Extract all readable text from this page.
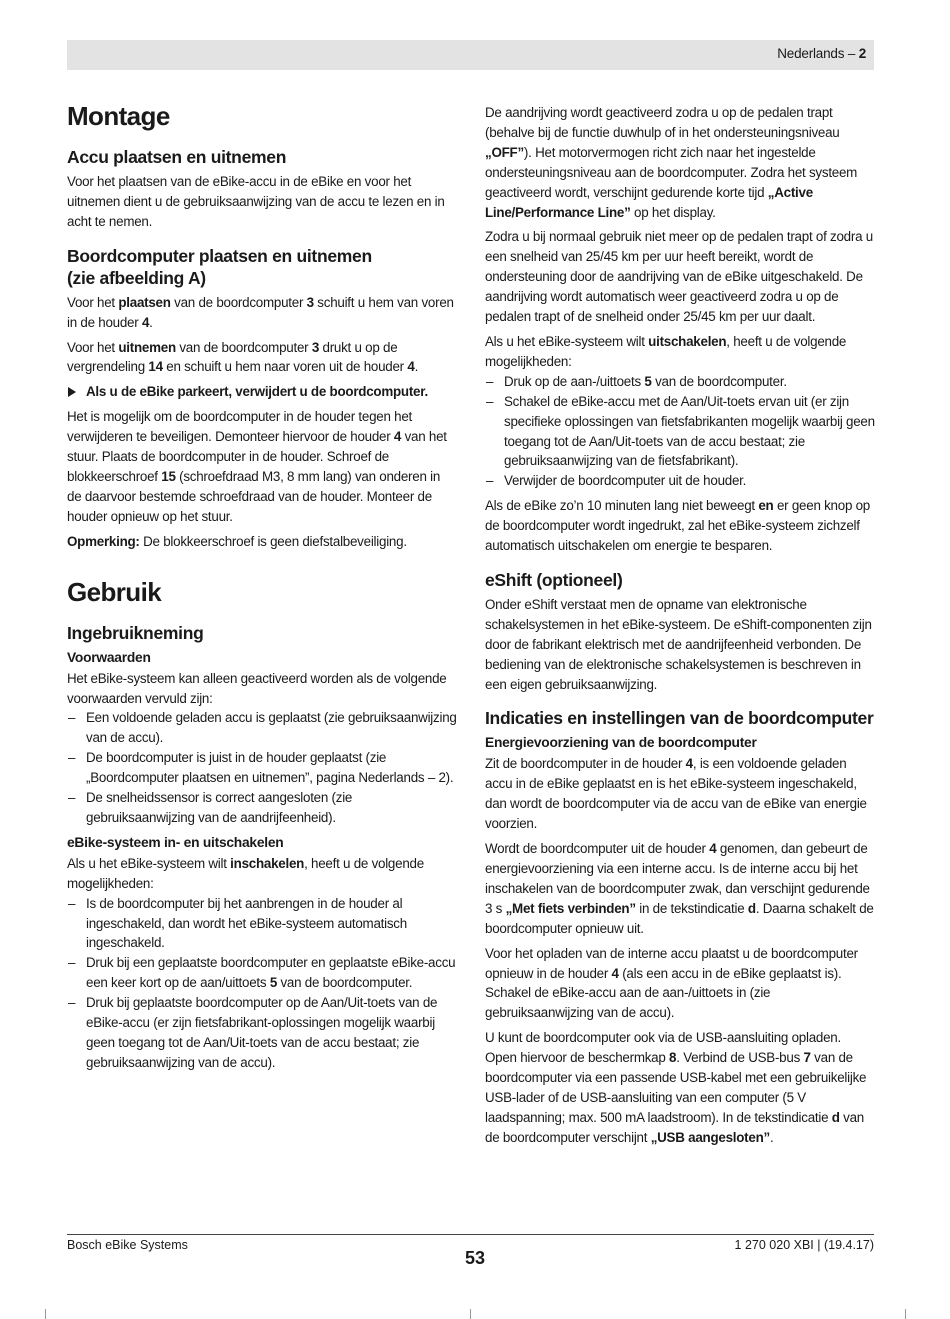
Nederlands – 2
Montage
Accu plaatsen en uitnemen

Voor het plaatsen van de eBike-accu in de eBike en voor het uitnemen dient u de gebruiksaanwijzing van de accu te lezen en in acht te nemen.

Boordcomputer plaatsen en uitnemen
(zie afbeelding A)

Voor het plaatsen van de boordcomputer 3 schuift u hem van voren in de houder 4.

Voor het uitnemen van de boordcomputer 3 drukt u op de vergrendeling 14 en schuift u hem naar voren uit de houder 4.

Als u de eBike parkeert, verwijdert u de boordcomputer.

Het is mogelijk om de boordcomputer in de houder tegen het verwijderen te beveiligen. Demonteer hiervoor de houder 4 van het stuur. Plaats de boordcomputer in de houder. Schroef de blokkeerschroef 15 (schroefdraad M3, 8 mm lang) van onderen in de daarvoor bestemde schroefdraad van de houder. Monteer de houder opnieuw op het stuur.

Opmerking: De blokkeerschroef is geen diefstalbeveiliging.

Gebruik
Ingebruikneming
Voorwaarden

Het eBike-systeem kan alleen geactiveerd worden als de volgende voorwaarden vervuld zijn:

– Een voldoende geladen accu is geplaatst (zie gebruiksaanwijzing van de accu).
– De boordcomputer is juist in de houder geplaatst (zie „Boordcomputer plaatsen en uitnemen”, pagina Nederlands – 2).
– De snelheidssensor is correct aangesloten (zie gebruiksaanwijzing van de aandrijfeenheid).
eBike-systeem in- en uitschakelen

Als u het eBike-systeem wilt inschakelen, heeft u de volgende mogelijkheden:

– Is de boordcomputer bij het aanbrengen in de houder al ingeschakeld, dan wordt het eBike-systeem automatisch ingeschakeld.
– Druk bij een geplaatste boordcomputer en geplaatste eBike-accu een keer kort op de aan/uittoets 5 van de boordcomputer.
– Druk bij geplaatste boordcomputer op de Aan/Uit-toets van de eBike-accu (er zijn fietsfabrikant-oplossingen mogelijk waarbij geen toegang tot de Aan/Uit-toets van de accu bestaat; zie gebruiksaanwijzing van de accu).

De aandrijving wordt geactiveerd zodra u op de pedalen trapt (behalve bij de functie duwhulp of in het ondersteuningsniveau „OFF”). Het motorvermogen richt zich naar het ingestelde ondersteuningsniveau aan de boordcomputer. Zodra het systeem geactiveerd wordt, verschijnt gedurende korte tijd „Active Line/Performance Line” op het display.

Zodra u bij normaal gebruik niet meer op de pedalen trapt of zodra u een snelheid van 25/45 km per uur heeft bereikt, wordt de ondersteuning door de aandrijving van de eBike uitgeschakeld. De aandrijving wordt automatisch weer geactiveerd zodra u op de pedalen trapt of de snelheid onder 25/45 km per uur daalt.

Als u het eBike-systeem wilt uitschakelen, heeft u de volgende mogelijkheden:

– Druk op de aan-/uittoets 5 van de boordcomputer.
– Schakel de eBike-accu met de Aan/Uit-toets ervan uit (er zijn specifieke oplossingen van fietsfabrikanten mogelijk waarbij geen toegang tot de Aan/Uit-toets van de accu bestaat; zie gebruiksaanwijzing van de fietsfabrikant).
– Verwijder de boordcomputer uit de houder.

Als de eBike zo’n 10 minuten lang niet beweegt en er geen knop op de boordcomputer wordt ingedrukt, zal het eBike-systeem zichzelf automatisch uitschakelen om energie te besparen.

eShift (optioneel)

Onder eShift verstaat men de opname van elektronische schakelsystemen in het eBike-systeem. De eShift-componenten zijn door de fabrikant elektrisch met de aandrijfeenheid verbonden. De bediening van de elektronische schakelsystemen is beschreven in een eigen gebruiksaanwijzing.

Indicaties en instellingen van de boordcomputer
Energievoorziening van de boordcomputer

Zit de boordcomputer in de houder 4, is een voldoende geladen accu in de eBike geplaatst en is het eBike-systeem ingeschakeld, dan wordt de boordcomputer via de accu van de eBike van energie voorzien.

Wordt de boordcomputer uit de houder 4 genomen, dan gebeurt de energievoorziening via een interne accu. Is de interne accu bij het inschakelen van de boordcomputer zwak, dan verschijnt gedurende 3 s „Met fiets verbinden” in de tekstindicatie d. Daarna schakelt de boordcomputer opnieuw uit.

Voor het opladen van de interne accu plaatst u de boordcomputer opnieuw in de houder 4 (als een accu in de eBike geplaatst is). Schakel de eBike-accu aan de aan-/uittoets in (zie gebruiksaanwijzing van de accu).

U kunt de boordcomputer ook via de USB-aansluiting opladen. Open hiervoor de beschermkap 8. Verbind de USB-bus 7 van de boordcomputer via een passende USB-kabel met een gebruikelijke USB-lader of de USB-aansluiting van een computer (5 V laadspanning; max. 500 mA laadstroom). In de tekstindicatie d van de boordcomputer verschijnt „USB aangesloten”.

Bosch eBike Systems
53
1 270 020 XBI | (19.4.17)
